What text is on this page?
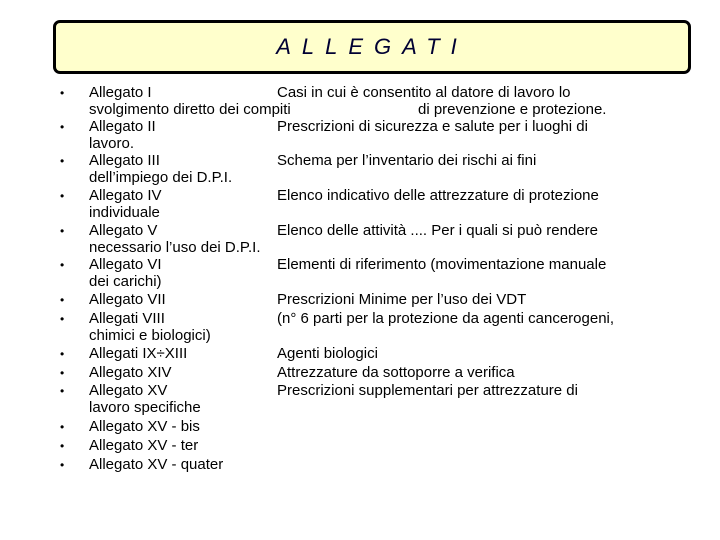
ALLEGATI
• Allegato I	Casi in cui è consentito al datore di lavoro lo
svolgimento diretto dei compiti	di prevenzione e protezione.
• Allegato II	Prescrizioni di sicurezza e salute per i luoghi di
lavoro.
• Allegato III	Schema per l’inventario dei rischi ai fini
dell’impiego dei D.P.I.
• Allegato IV	Elenco indicativo delle attrezzature di protezione
individuale
• Allegato V	Elenco delle attività .... Per i quali si può rendere
necessario l’uso dei D.P.I.
• Allegato VI	Elementi di riferimento (movimentazione manuale
dei carichi)
• Allegato VII	Prescrizioni Minime per l’uso dei VDT
• Allegati VIII	(n° 6 parti per la protezione da agenti cancerogeni,
chimici e biologici)
• Allegati IX÷XIII	Agenti biologici
• Allegato XIV	Attrezzature da sottoporre a verifica
• Allegato XV	Prescrizioni supplementari per attrezzature di
lavoro specifiche
• Allegato XV - bis
• Allegato XV - ter
• Allegato XV - quater
